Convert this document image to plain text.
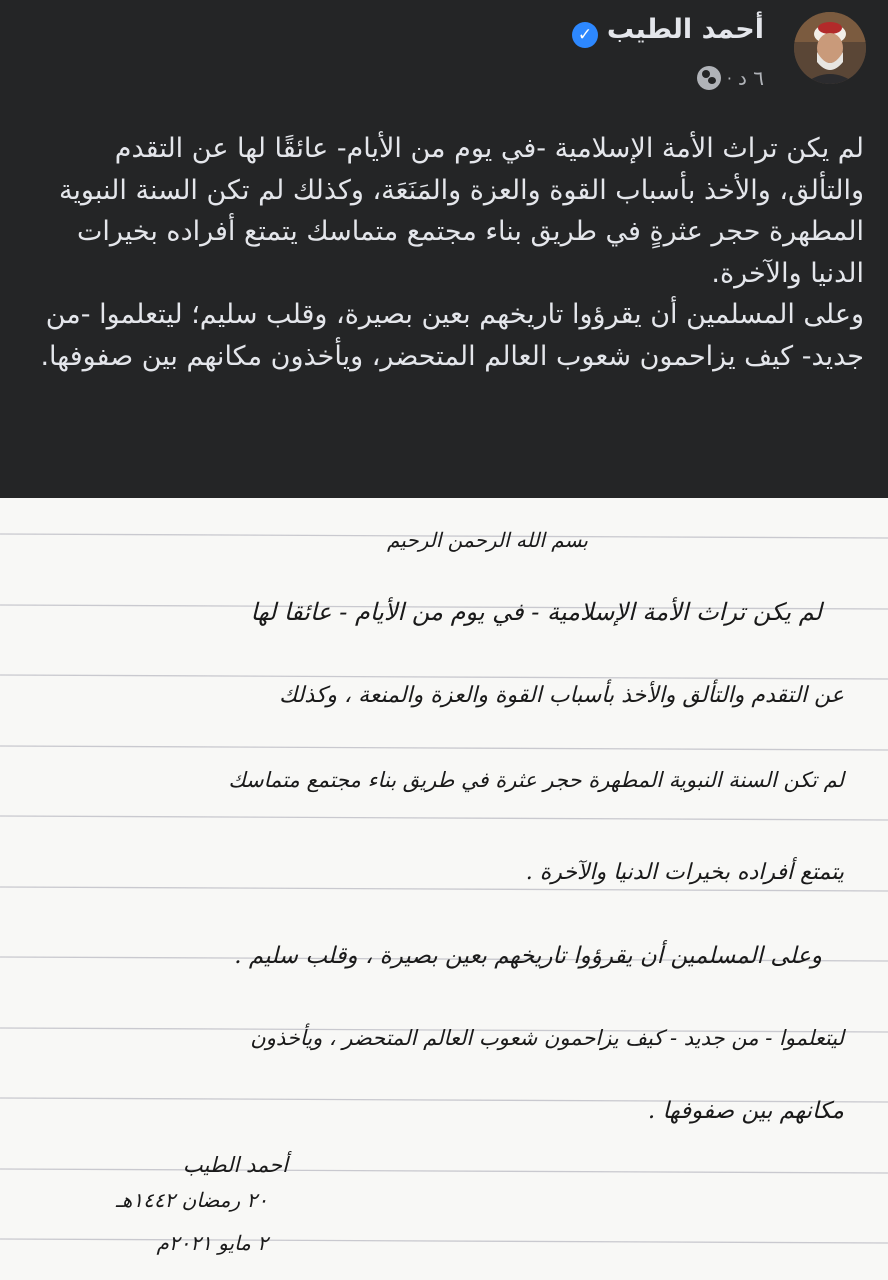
أحمد الطيب
✓
٦ د
·

لم يكن تراث الأمة الإسلامية -في يوم من الأيام- عائقًا لها عن التقدم والتألق، والأخذ بأسباب القوة والعزة والمَنَعَة، وكذلك لم تكن السنة النبوية المطهرة حجر عثرةٍ في طريق بناء مجتمع متماسك يتمتع أفراده بخيرات الدنيا والآخرة.

وعلى المسلمين أن يقرؤوا تاريخهم بعين بصيرة، وقلب سليم؛ ليتعلموا -من جديد- كيف يزاحمون شعوب العالم المتحضر، ويأخذون مكانهم بين صفوفها.

بسم الله الرحمن الرحيم
لم يكن تراث الأمة الإسلامية - في يوم من الأيام - عائقا لها
عن التقدم والتألق والأخذ بأسباب القوة والعزة والمنعة ، وكذلك
لم تكن السنة النبوية المطهرة حجر عثرة في طريق بناء مجتمع متماسك
يتمتع أفراده بخيرات الدنيا والآخرة .
وعلى المسلمين أن يقرؤوا تاريخهم بعين بصيرة ، وقلب سليم .
ليتعلموا - من جديد - كيف يزاحمون شعوب العالم المتحضر ، ويأخذون
مكانهم بين صفوفها .
أحمد الطيب
٢٠ رمضان ١٤٤٢هـ
٢ مايو ٢٠٢١م
